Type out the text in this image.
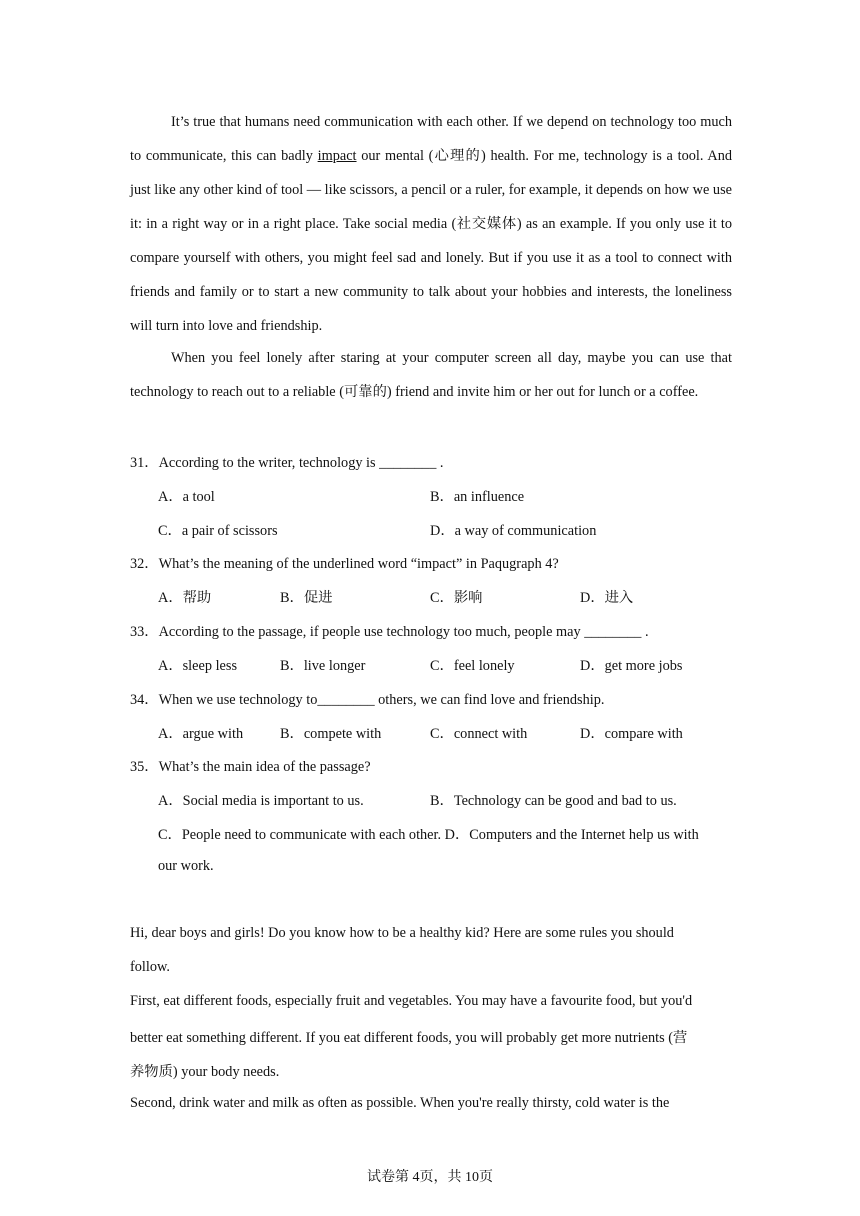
It’s true that humans need communication with each other. If we depend on technology too much to communicate, this can badly impact our mental (心理的) health. For me, technology is a tool. And just like any other kind of tool — like scissors, a pencil or a ruler, for example, it depends on how we use it: in a right way or in a right place. Take social media (社交媒体) as an example. If you only use it to compare yourself with others, you might feel sad and lonely. But if you use it as a tool to connect with friends and family or to start a new community to talk about your hobbies and interests, the loneliness will turn into love and friendship.

When you feel lonely after staring at your computer screen all day, maybe you can use that technology to reach out to a reliable (可靠的) friend and invite him or her out for lunch or a coffee.

31．According to the writer, technology is ________ .

A．a tool	B．an influence

C．a pair of scissors	D．a way of communication

32．What’s the meaning of the underlined word “impact” in Paqugraph 4?

A．帮助	B．促进	C．影响	D．进入

33．According to the passage, if people use technology too much, people may ________ .

A．sleep less	B．live longer	C．feel lonely	D．get more jobs

34．When we use technology to________ others, we can find love and friendship.

A．argue with	B．compete with	C．connect with	D．compare with

35．What’s the main idea of the passage?

A．Social media is important to us.	B．Technology can be good and bad to us.

C．People need to communicate with each other. D．Computers and the Internet help us with

our work.

Hi, dear boys and girls! Do you know how to be a healthy kid? Here are some rules you should

follow.

First, eat different foods, especially fruit and vegetables. You may have a favourite food, but you'd

better eat something different. If you eat different foods, you will probably get more nutrients (营

养物质) your body needs.

Second, drink water and milk as often as possible. When you're really thirsty, cold water is the

试卷第 4页，共 10页
